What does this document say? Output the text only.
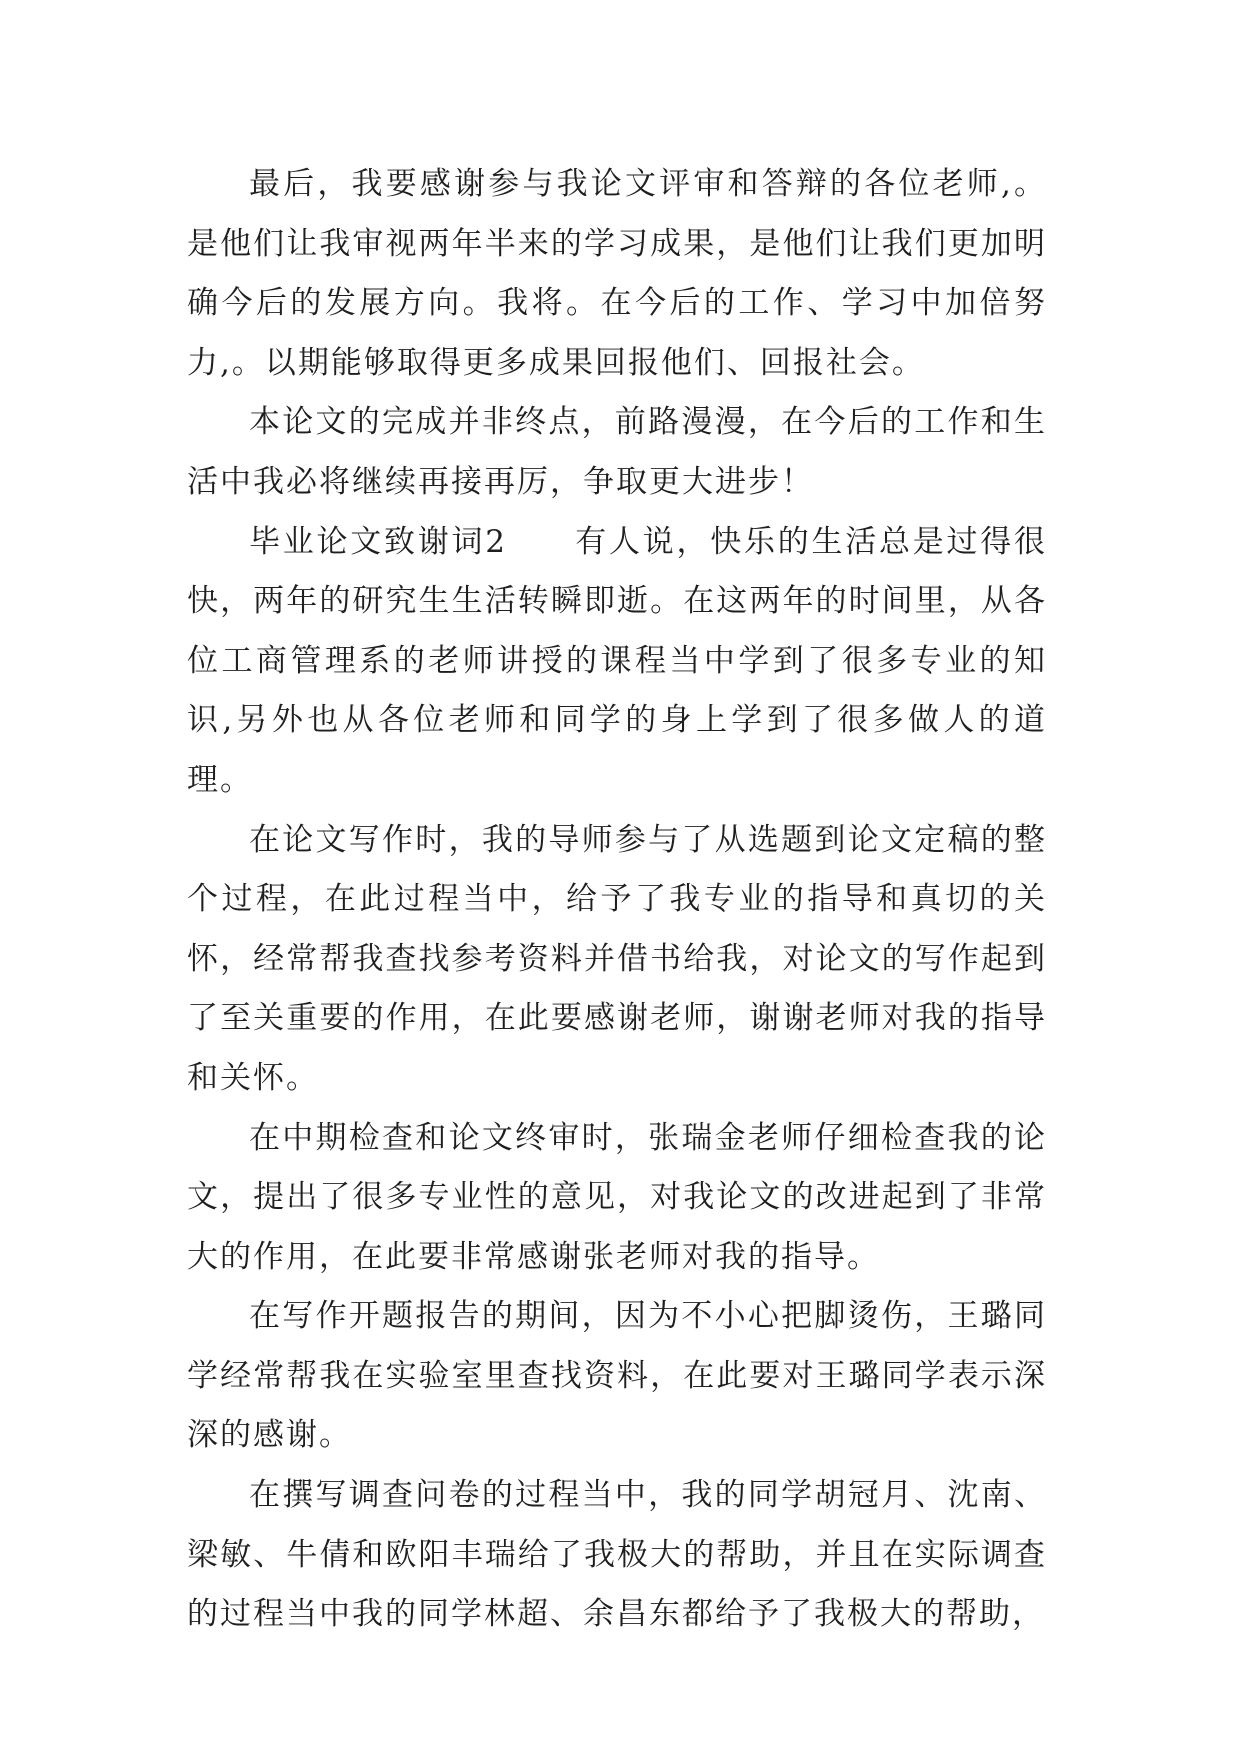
最后，我要感谢参与我论文评审和答辩的各位老师,。是他们让我审视两年半来的学习成果，是他们让我们更加明确今后的发展方向。我将。在今后的工作、学习中加倍努力,。以期能够取得更多成果回报他们、回报社会。

本论文的完成并非终点，前路漫漫，在今后的工作和生活中我必将继续再接再厉，争取更大进步！

毕业论文致谢词2　　有人说，快乐的生活总是过得很快，两年的研究生生活转瞬即逝。在这两年的时间里，从各位工商管理系的老师讲授的课程当中学到了很多专业的知识,另外也从各位老师和同学的身上学到了很多做人的道理。

在论文写作时，我的导师参与了从选题到论文定稿的整个过程，在此过程当中，给予了我专业的指导和真切的关怀，经常帮我查找参考资料并借书给我，对论文的写作起到了至关重要的作用，在此要感谢老师，谢谢老师对我的指导和关怀。

在中期检查和论文终审时，张瑞金老师仔细检查我的论文，提出了很多专业性的意见，对我论文的改进起到了非常大的作用，在此要非常感谢张老师对我的指导。

在写作开题报告的期间，因为不小心把脚烫伤，王璐同学经常帮我在实验室里查找资料，在此要对王璐同学表示深深的感谢。

在撰写调查问卷的过程当中，我的同学胡冠月、沈南、梁敏、牛倩和欧阳丰瑞给了我极大的帮助，并且在实际调查的过程当中我的同学林超、余昌东都给予了我极大的帮助，
